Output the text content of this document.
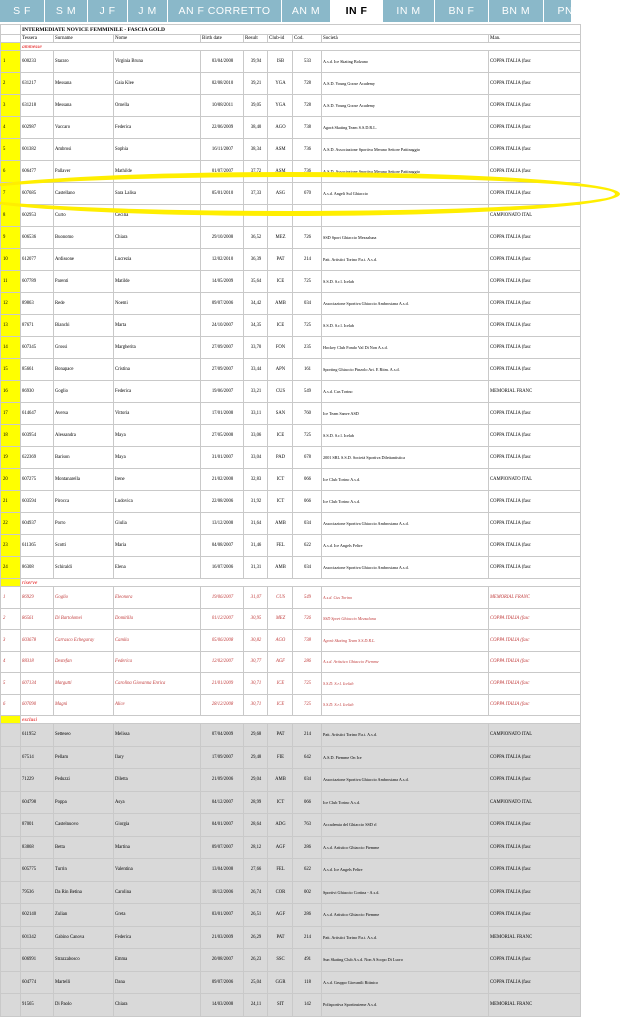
S F	S M	J F	J M	AN F CORRETTO	AN M	IN F	IN M	BN F	BN M	PN F	PN
	INTERMEDIATE NOVICE FEMMINILE - FASCIA GOLD								
	Tessera	Surname	Nome	Birth date	Result	Club-id	Cod.	Società	Man.
	ammesse								
1	600233	Stararo	Virginia Bruna	03/04/2008	39,94	ISB	533	A.s.d. Ice Skating Bolzano	COPPA ITALIA (fasc
2	631217	Messana	Gaia Klee	02/08/2010	39,21	YGA	728	A.S.D. Young Goose Academy	COPPA ITALIA (fasc
3	631218	Messana	Ornella	10/08/2011	39,05	YGA	728	A.S.D. Young Goose Academy	COPPA ITALIA (fasc
4	602987	Vaccaro	Federica	22/06/2009	38,40	AGO	738	Agorà Skating Team S.S.D.R.L.	COPPA ITALIA (fasc
5	601382	Ambrosi	Sophia	16/11/2007	38,34	ASM	736	A.S.D. Associazione Sportiva Merano Settore Pattinaggio	COPPA ITALIA (fasc
6	606477	Pallaver	Mathilde	01/07/2007	37,72	ASM	736	A.S.D. Associazione Sportiva Merano Settore Pattinaggio	COPPA ITALIA (fasc
7	607685	Castellano	Sara Lalisa	05/01/2010	37,33	ASG	670	A.s.d. Angeli Sul Ghiaccio	COPPA ITALIA (fasc
8	602953	Curto	Cecilia						CAMPIONATO ITAL
9	606536	Buonomo	Chiara	29/10/2008	36,52	MEZ	726	SSD Sport Ghiaccio Mezzaluna	COPPA ITALIA (fasc
10	612077	Ardissone	Lucrezia	12/02/2010	36,39	PAT	214	Patt. Artistici Torino P.a.t. A.s.d.	COPPA ITALIA (fasc
11	607789	Parenti	Matilde	14/05/2009	35,64	ICE	725	S.S.D. S.r.l. Icelab	COPPA ITALIA (fasc
12	89863	Rede	Noemi	09/07/2006	34,42	AMB	034	Associazione Sportiva Ghiaccio Ambrosiana A.s.d.	COPPA ITALIA (fasc
13	87671	Bianchi	Marta	24/10/2007	34,35	ICE	725	S.S.D. S.r.l. Icelab	COPPA ITALIA (fasc
14	607345	Grossi	Margherita	27/09/2007	33,70	FON	235	Hockey Club Fondo Val Di Non A.s.d.	COPPA ITALIA (fasc
15	85661	Bonapace	Cristina	27/09/2007	33,44	APN	161	Sporting Ghiaccio Pinzolo Art. E Ritm. A.s.d.	COPPA ITALIA (fasc
16	86930	Goglio	Federica	19/06/2007	33,21	CUS	549	A.s.d. Cus Torino	MEMORIAL FRANC
17	614647	Aversa	Vittoria	17/01/2008	33,11	SAN	760	Ice Team Sanve ASD	COPPA ITALIA (fasc
18	603954	Alessandra	Maya	27/05/2008	33,06	ICE	725	S.S.D. S.r.l. Icelab	COPPA ITALIA (fasc
19	622369	Barison	Maya	31/01/2007	33,04	PAD	678	2001 SRL S.S.D. Società Sportiva Dilettantistica	COPPA ITALIA (fasc
20	607275	Montanarella	Irene	21/02/2008	32,83	ICT	066	Ice Club Torino A.s.d.	CAMPIONATO ITAL
21	603594	Pirocca	Ludovica	22/08/2006	31,92	ICT	066	Ice Club Torino A.s.d.	COPPA ITALIA (fasc
22	604937	Porro	Giulia	13/12/2008	31,64	AMB	034	Associazione Sportiva Ghiaccio Ambrosiana A.s.d.	COPPA ITALIA (fasc
23	611365	Scotti	Maria	04/08/2007	31,46	FEL	622	A.s.d. Ice Angels Feltre	COPPA ITALIA (fasc
24	86308	Schiraldi	Elena	16/07/2006	31,31	AMB	034	Associazione Sportiva Ghiaccio Ambrosiana A.s.d.	COPPA ITALIA (fasc
	riserve								
1	86929	Goglio	Eleonora	19/06/2007	31,07	CUS	549	A.s.d. Cus Torino	MEMORIAL FRANC
2	86561	Di Bartolomei	Domitilla	01/12/2007	30,95	MEZ	726	SSD Sport Ghiaccio Mezzaluna	COPPA ITALIA (fasc
3	603678	Carrasco Echegaray	Camila	05/06/2008	30,82	AGO	738	Agorà Skating Team S.S.D.R.L.	COPPA ITALIA (fasc
4	88318	Destefan	Federica	12/02/2007	30,77	AGF	286	A.s.d. Artistico Ghiaccio Fiemme	COPPA ITALIA (fasc
5	607134	Margutti	Carolina Giovanna Enrica	21/01/2009	30,71	ICE	725	S.S.D. S.r.l. Icelab	COPPA ITALIA (fasc
6	607090	Magni	Alice	28/12/2008	30,71	ICE	725	S.S.D. S.r.l. Icelab	COPPA ITALIA (fasc
	esclusi								
	611952	Setteseo	Melissa	07/04/2009	29,68	PAT	214	Patt. Artistici Torino P.a.t. A.s.d.	CAMPIONATO ITAL
	67514	Pellam	Ilary	17/09/2007	29,48	FIE	642	A.S.D. Fiemme On Ice	COPPA ITALIA (fasc
	71229	Peduzzi	Diletta	21/09/2006	29,04	AMB	034	Associazione Sportiva Ghiaccio Ambrosiana A.s.d.	COPPA ITALIA (fasc
	604798	Poppa	Asya	04/12/2007	28,99	ICT	066	Ice Club Torino A.s.d.	CAMPIONATO ITAL
	87001	Castelnuovo	Giorgia	04/01/2007	28,64	ADG	763	Accademia del Ghiaccio SSD rl	COPPA ITALIA (fasc
	83868	Betta	Martina	09/07/2007	28,12	AGF	286	A.s.d. Artistico Ghiaccio Fiemme	COPPA ITALIA (fasc
	605775	Turrin	Valentina	13/04/2008	27,66	FEL	622	A.s.d. Ice Angels Feltre	COPPA ITALIA (fasc
	79536	Da Rin Betina	Carolina	18/12/2006	26,74	COR	002	Sportivi Ghiaccio Cortina - A.s.d.	COPPA ITALIA (fasc
	602140	Zulian	Greta	03/01/2007	26,51	AGF	286	A.s.d. Artistico Ghiaccio Fiemme	COPPA ITALIA (fasc
	601342	Gabino Canova	Federica	21/03/2009	26,29	PAT	214	Patt. Artistici Torino P.a.t. A.s.d.	MEMORIAL FRANC
	606991	Strazzabosco	Emma	20/08/2007	26,23	SSC	491	Sun Skating Club A.s.d. Non A Scopo Di Lucro	COPPA ITALIA (fasc
	604774	Martelli	Dana	09/07/2006	25,04	GGR	118	A.s.d. Gruppo Giovanili Rittnico	COPPA ITALIA (fasc
	91565	Di Paolo	Chiara	14/03/2008	24,11	SIT	142	Polisportiva Sportinsieme A.s.d.	MEMORIAL FRANC
